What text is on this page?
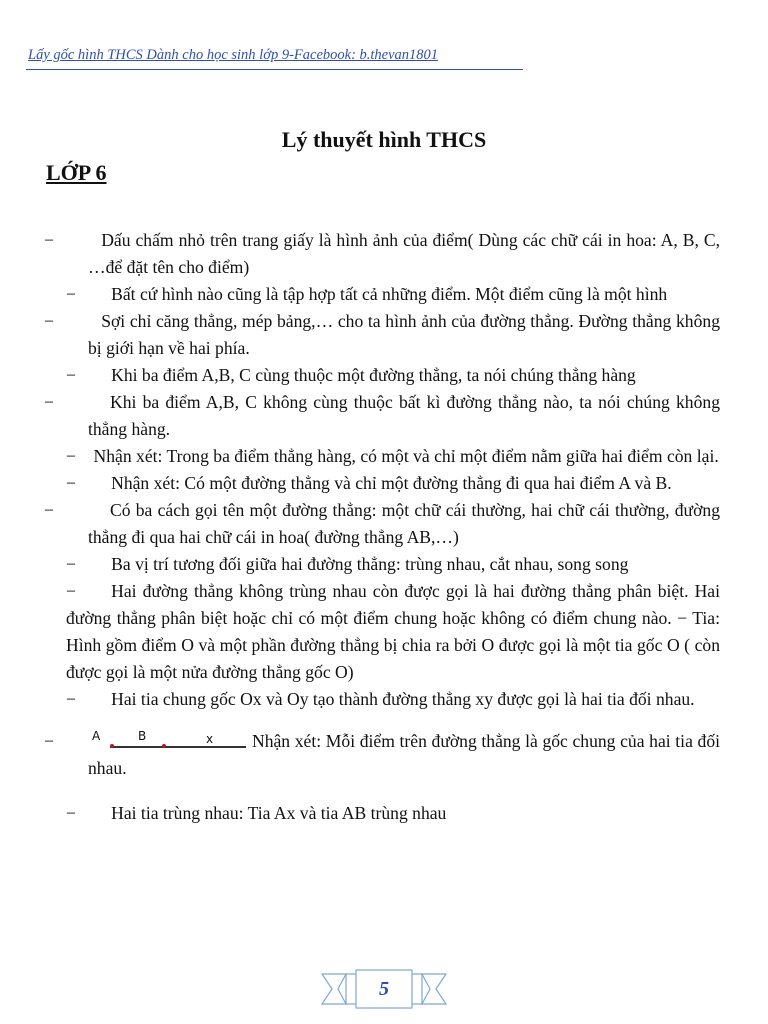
Lấy gốc hình THCS Dành cho học sinh lớp 9-Facebook: b.thevan1801
Lý thuyết hình THCS
LỚP 6
−  	Dấu chấm nhỏ trên trang giấy là hình ảnh của điểm( Dùng các chữ cái in hoa: A, B, C, …để đặt tên cho điểm)
−   Bất cứ hình nào cũng là tập hợp tất cả những điểm. Một điểm cũng là một hình
−  	Sợi chỉ căng thẳng, mép bảng,… cho ta hình ảnh của đường thẳng. Đường thẳng không bị giới hạn về hai phía.
−   Khi ba điểm A,B, C cùng thuộc một đường thẳng, ta nói chúng thẳng hàng
−   	Khi ba điểm A,B, C không cùng thuộc bất kì đường thẳng nào, ta nói chúng không thẳng hàng.
−  Nhận xét: Trong ba điểm thẳng hàng, có một và chỉ một điểm nằm giữa hai điểm còn lại.
−   Nhận xét: Có một đường thẳng và chỉ một đường thẳng đi qua hai điểm A và B.
−   	Có ba cách gọi tên một đường thẳng: một chữ cái thường, hai chữ cái thường, đường thẳng đi qua hai chữ cái in hoa( đường thẳng AB,…)
−   Ba vị trí tương đối giữa hai đường thẳng: trùng nhau, cắt nhau, song song
−   Hai đường thẳng không trùng nhau còn được gọi là hai đường thẳng phân biệt. Hai đường thẳng phân biệt hoặc chỉ có một điểm chung hoặc không có điểm chung nào. − Tia: Hình gồm điểm O và một phần đường thẳng bị chia ra bởi O được gọi là một tia gốc O ( còn được gọi là một nửa đường thẳng gốc O)
−   Hai tia chung gốc Ox và Oy tạo thành đường thẳng xy được gọi là hai tia đối nhau.
−	A	B	x	Nhận xét: Mỗi điểm trên đường thẳng là gốc chung của hai tia đối nhau.
−   Hai tia trùng nhau: Tia Ax và tia AB trùng nhau
5
